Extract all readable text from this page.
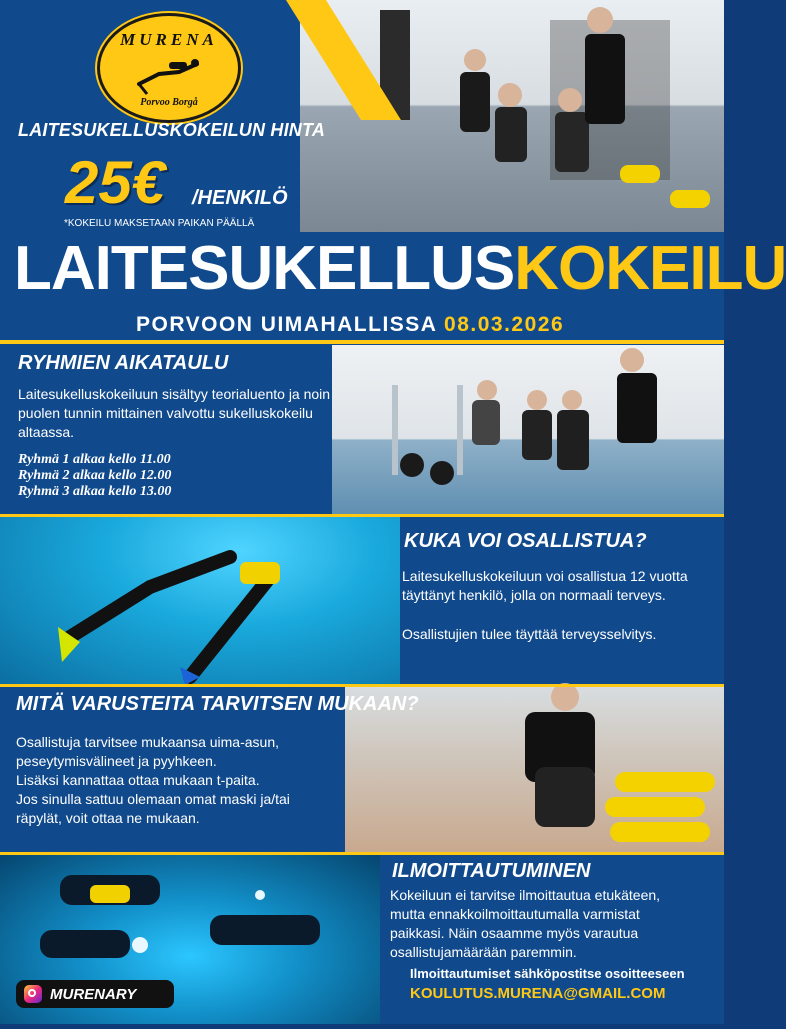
MURENA
Porvoo Borgå
LAITESUKELLUSKOKEILUN HINTA
25€ /HENKILÖ
*KOKEILU MAKSETAAN PAIKAN PÄÄLLÄ
LAITESUKELLUSKOKEILU
PORVOON UIMAHALLISSA 08.03.2026
RYHMIEN AIKATAULU

Laitesukelluskokeiluun sisältyy teorialuento ja noin puolen tunnin mittainen valvottu sukelluskokeilu altaassa.

Ryhmä 1 alkaa kello 11.00
Ryhmä 2 alkaa kello 12.00
Ryhmä 3 alkaa kello 13.00
KUKA VOI OSALLISTUA?

Laitesukelluskokeiluun voi osallistua 12 vuotta täyttänyt henkilö, jolla on normaali terveys.

Osallistujien tulee täyttää terveysselvitys.

MITÄ VARUSTEITA TARVITSEN MUKAAN?
Osallistuja tarvitsee mukaansa uima-asun,
peseytymisvälineet ja pyyhkeen.
Lisäksi kannattaa ottaa mukaan t-paita.
Jos sinulla sattuu olemaan omat maski ja/tai
räpylät, voit ottaa ne mukaan.
ILMOITTAUTUMINEN

Kokeiluun ei tarvitse ilmoittautua etukäteen, mutta ennakkoilmoittautumalla varmistat paikkasi. Näin osaamme myös varautua osallistujamäärään paremmin.

Ilmoittautumiset sähköpostitse osoitteeseen
KOULUTUS.MURENA@GMAIL.COM
MURENARY
